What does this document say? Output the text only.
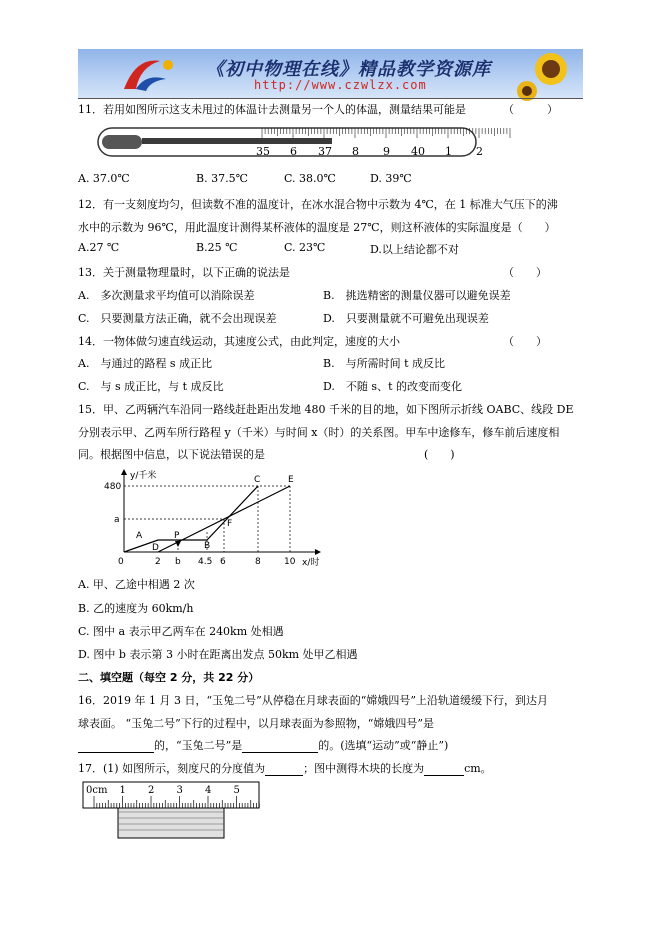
《初中物理在线》精品教学资源库
http://www.czwlzx.com
11．若用如图所示这支未甩过的体温计去测量另一个人的体温，测量结果可能是	（　　　）
35 6 37 8 9 40 1 2
A. 37.0℃	B. 37.5℃	C. 38.0℃	D. 39℃
12．有一支刻度均匀，但读数不准的温度计，在冰水混合物中示数为 4℃，在 1 标准大气压下的沸
水中的示数为 96℃，用此温度计测得某杯液体的温度是 27℃，则这杯液体的实际温度是（　　）
A.27 ℃	B.25 ℃	C. 23℃	D.以上结论都不对
13．关于测量物理量时，以下正确的说法是	（　　）
A.　多次测量求平均值可以消除误差	B.　挑选精密的测量仪器可以避免误差
C.　只要测量方法正确，就不会出现误差	D.　只要测量就不可避免出现误差
14．一物体做匀速直线运动，其速度公式，由此判定，速度的大小	（　　）
A.　与通过的路程 s 成正比	B.　与所需时间 t 成反比
C.　与 s 成正比，与 t 成反比	D.　不随 s、t 的改变而变化
15．甲、乙两辆汽车沿同一路线赶赴距出发地 480 千米的目的地，如下图所示折线 OABC、线段 DE
分别表示甲、乙两车所行路程 y（千米）与时间 x（时）的关系图。甲车中途修车，修车前后速度相
同。根据图中信息，以下说法错误的是	(　　)
y/千米
x/时
480
a
0
A	P
B
C
D
E
F
2 b 4.5 6	8	10
A. 甲、乙途中相遇 2 次
B. 乙的速度为 60km/h
C. 图中 a 表示甲乙两车在 240km 处相遇
D. 图中 b 表示第 3 小时在距离出发点 50km 处甲乙相遇
二、填空题（每空 2 分，共 22 分）
16．2019 年 1 月 3 日，“玉兔二号”从停稳在月球表面的“嫦娥四号”上沿轨道缓缓下行，到达月
球表面。 “玉兔二号”下行的过程中，以月球表面为参照物，“嫦娥四号”是
的，“玉兔二号”是	的。(选填“运动”或“静止”)
17．(1) 如图所示，刻度尺的分度值为	；图中测得木块的长度为	cm。
0cm 1 2 3 4 5
